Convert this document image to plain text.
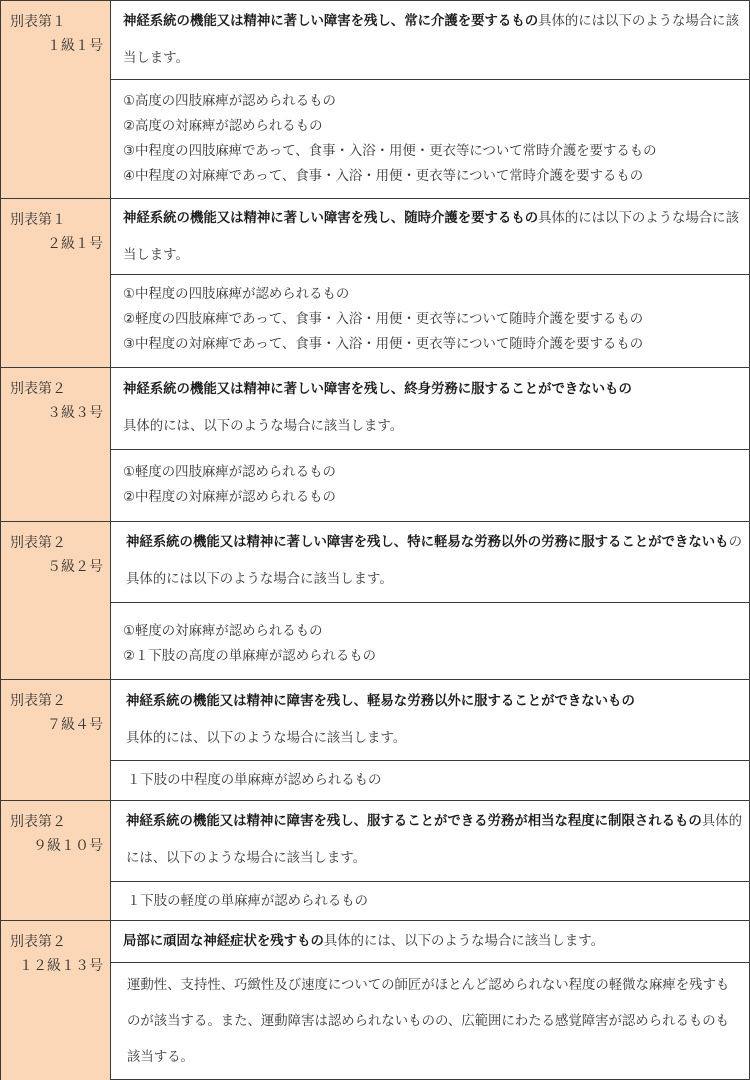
別表第１
１級１号
神経系統の機能又は精神に著しい障害を残し、常に介護を要するもの具体的には以下のような場合に該当します。
①高度の四肢麻痺が認められるもの
②高度の対麻痺が認められるもの
③中程度の四肢麻痺であって、食事・入浴・用便・更衣等について常時介護を要するもの
④中程度の対麻痺であって、食事・入浴・用便・更衣等について常時介護を要するもの
別表第１
２級１号
神経系統の機能又は精神に著しい障害を残し、随時介護を要するもの具体的には以下のような場合に該当します。
①中程度の四肢麻痺が認められるもの
②軽度の四肢麻痺であって、食事・入浴・用便・更衣等について随時介護を要するもの
③中程度の対麻痺であって、食事・入浴・用便・更衣等について随時介護を要するもの
別表第２
３級３号
神経系統の機能又は精神に著しい障害を残し、終身労務に服することができないもの
具体的には、以下のような場合に該当します。
①軽度の四肢麻痺が認められるもの
②中程度の対麻痺が認められるもの
別表第２
５級２号
神経系統の機能又は精神に著しい障害を残し、特に軽易な労務以外の労務に服することができないもの具体的には以下のような場合に該当します。
①軽度の対麻痺が認められるもの
②１下肢の高度の単麻痺が認められるもの
別表第２
７級４号
神経系統の機能又は精神に障害を残し、軽易な労務以外に服することができないもの
具体的には、以下のような場合に該当します。
１下肢の中程度の単麻痺が認められるもの
別表第２
９級１０号
神経系統の機能又は精神に障害を残し、服することができる労務が相当な程度に制限されるもの具体的には、以下のような場合に該当します。
１下肢の軽度の単麻痺が認められるもの
別表第２
１２級１３号
局部に頑固な神経症状を残すもの具体的には、以下のような場合に該当します。
運動性、支持性、巧緻性及び速度についての師匠がほとんど認められない程度の軽微な麻痺を残すものが該当する。また、運動障害は認められないものの、広範囲にわたる感覚障害が認められるものも該当する。
